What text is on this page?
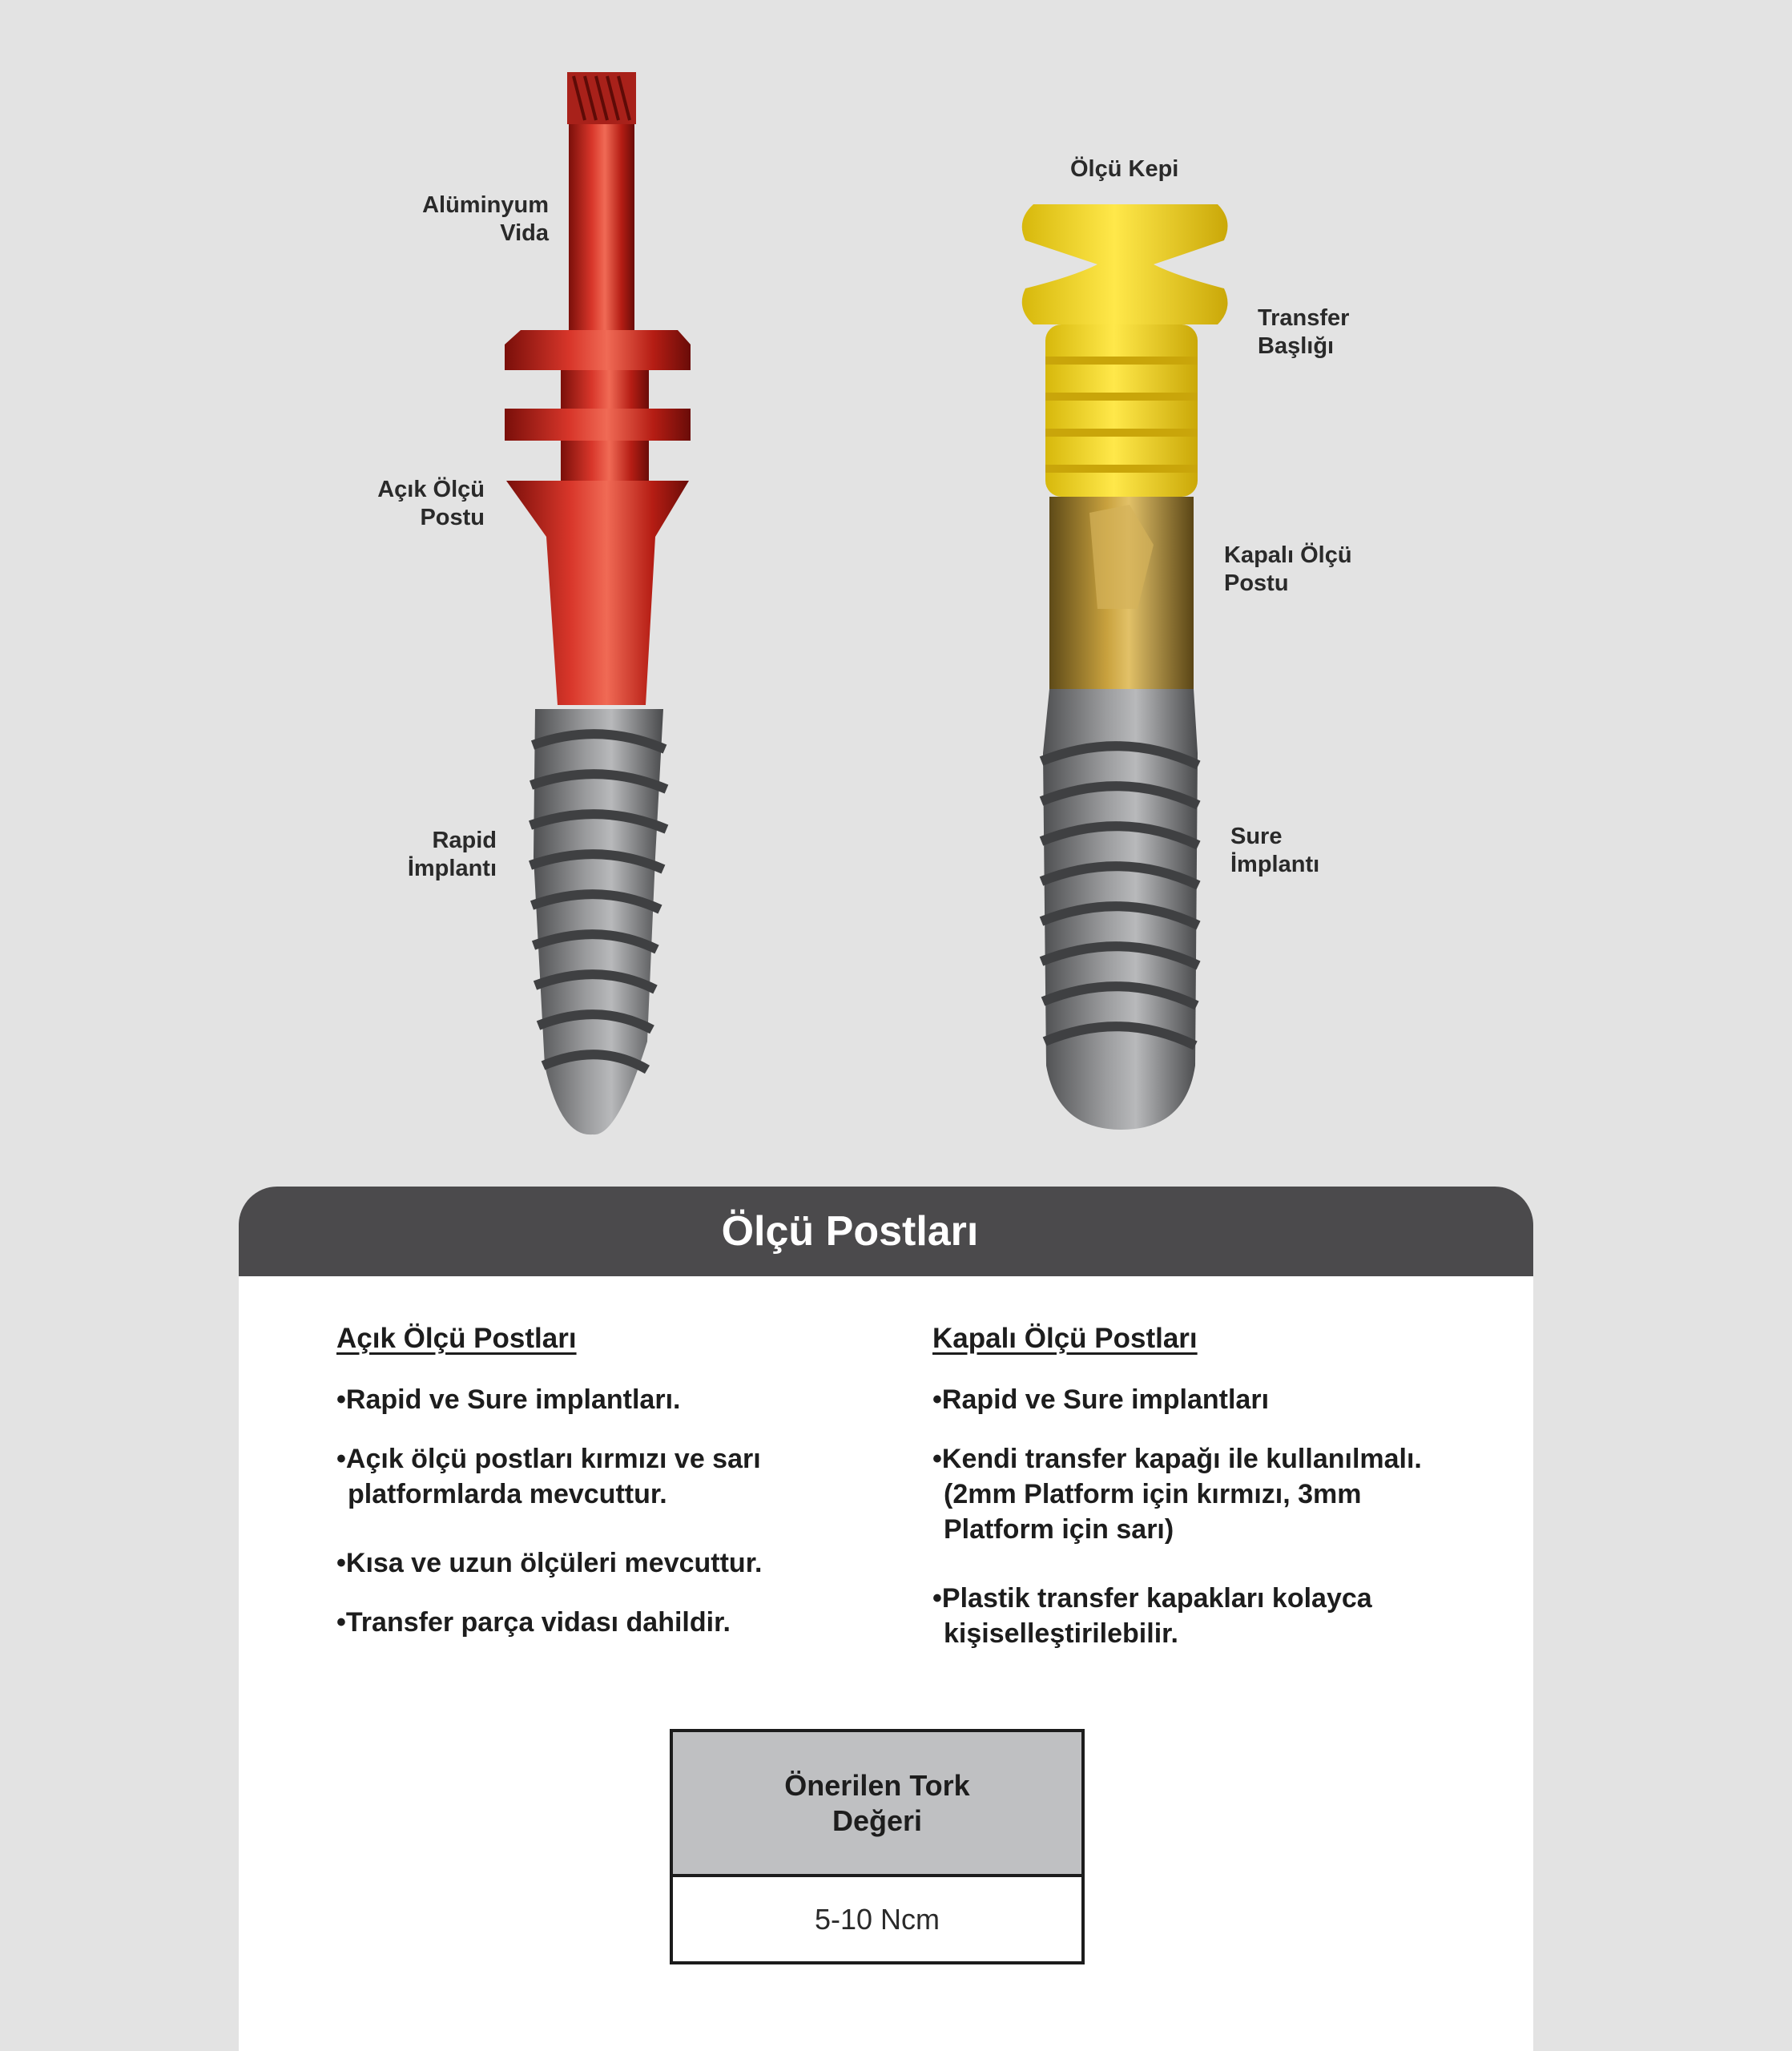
Alüminyum
Vida
Açık Ölçü
Postu
Rapid
İmplantı
Ölçü Kepi
Transfer
Başlığı
Kapalı Ölçü
Postu
Sure
İmplantı
Ölçü Postları
Açık Ölçü Postları
• Rapid ve Sure implantları.
• Açık ölçü postları kırmızı ve sarı
platformlarda mevcuttur.
• Kısa ve uzun ölçüleri mevcuttur.
• Transfer parça vidası dahildir.
Kapalı Ölçü Postları
• Rapid ve Sure implantları
• Kendi transfer kapağı ile kullanılmalı.
(2mm Platform için kırmızı, 3mm
Platform için sarı)
• Plastik transfer kapakları kolayca
kişiselleştirilebilir.
Önerilen Tork
Değeri
5-10 Ncm
